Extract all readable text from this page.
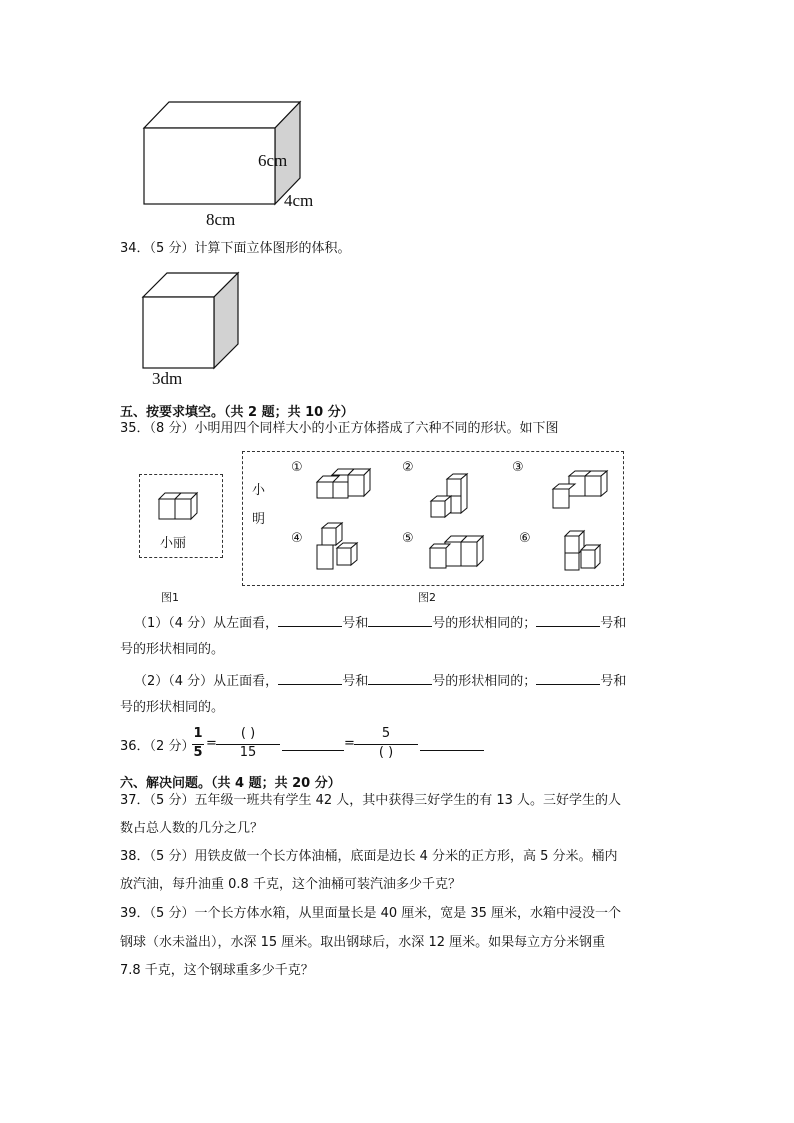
6cm
4cm
8cm
34．（5 分）计算下面立体图形的体积。
3dm
五、按要求填空。（共 2 题；共 10 分）
35．（8 分）小明用四个同样大小的小正方体搭成了六种不同的形状。如下图
小丽
图1
小
明
①	②	③
④	⑤	⑥
图2
（1）（4 分）从左面看，	号和	号的形状相同的；	号和
号的形状相同的。
（2）（4 分）从正面看，	号和	号的形状相同的；	号和
号的形状相同的。
36．（2 分）
1
5
=
( )
15
=
5
( )
六、解决问题。（共 4 题；共 20 分）
37．（5 分）五年级一班共有学生 42 人，其中获得三好学生的有 13 人。三好学生的人
数占总人数的几分之几？
38．（5 分）用铁皮做一个长方体油桶，底面是边长 4 分米的正方形，高 5 分米。桶内
放汽油，每升油重 0.8 千克，这个油桶可装汽油多少千克？
39．（5 分）一个长方体水箱，从里面量长是 40 厘米，宽是 35 厘米，水箱中浸没一个
钢球（水未溢出），水深 15 厘米。取出钢球后，水深 12 厘米。如果每立方分米钢重
7.8 千克，这个钢球重多少千克？
